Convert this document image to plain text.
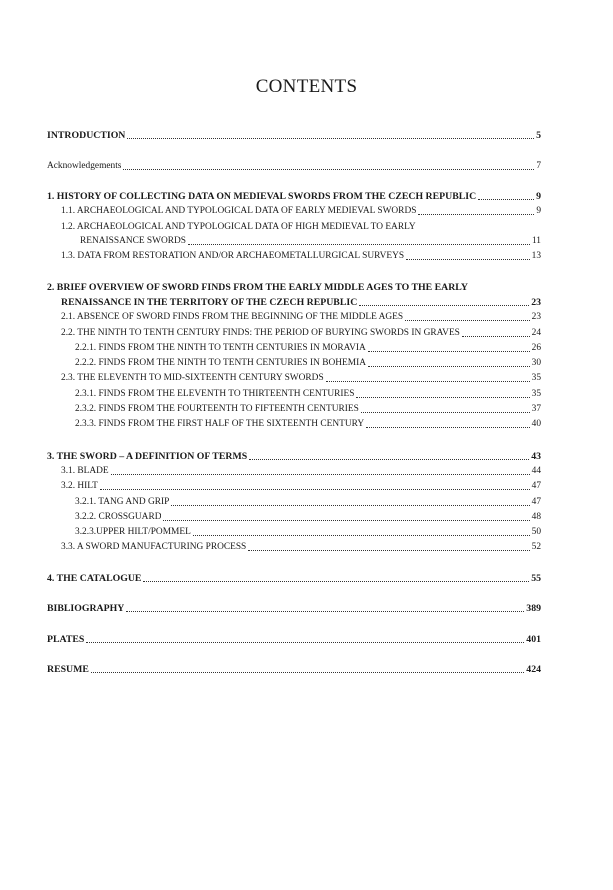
CONTENTS
INTRODUCTION	5
Acknowledgements	7
1. HISTORY OF COLLECTING DATA ON MEDIEVAL SWORDS FROM THE CZECH REPUBLIC	9
1.1. ARCHAEOLOGICAL AND TYPOLOGICAL DATA OF EARLY MEDIEVAL SWORDS	9
1.2. ARCHAEOLOGICAL AND TYPOLOGICAL DATA OF HIGH MEDIEVAL TO EARLY
RENAISSANCE SWORDS	11
1.3. DATA FROM RESTORATION AND/OR ARCHAEOMETALLURGICAL SURVEYS	13
2. BRIEF OVERVIEW OF SWORD FINDS FROM THE EARLY MIDDLE AGES TO THE EARLY
RENAISSANCE IN THE TERRITORY OF THE CZECH REPUBLIC	23
2.1. ABSENCE OF SWORD FINDS FROM THE BEGINNING OF THE MIDDLE AGES	23
2.2. THE NINTH TO TENTH CENTURY FINDS: THE PERIOD OF BURYING SWORDS IN GRAVES	24
2.2.1. FINDS FROM THE NINTH TO TENTH CENTURIES IN MORAVIA	26
2.2.2. FINDS FROM THE NINTH TO TENTH CENTURIES IN BOHEMIA	30
2.3. THE ELEVENTH TO MID-SIXTEENTH CENTURY SWORDS	35
2.3.1. FINDS FROM THE ELEVENTH TO THIRTEENTH CENTURIES	35
2.3.2. FINDS FROM THE FOURTEENTH TO FIFTEENTH CENTURIES	37
2.3.3. FINDS FROM THE FIRST HALF OF THE SIXTEENTH CENTURY	40
3. THE SWORD – A DEFINITION OF TERMS	43
3.1. BLADE	44
3.2. HILT	47
3.2.1. TANG AND GRIP	47
3.2.2. CROSSGUARD	48
3.2.3.UPPER HILT/POMMEL	50
3.3. A SWORD MANUFACTURING PROCESS	52
4. THE CATALOGUE	55
BIBLIOGRAPHY	389
PLATES	401
RESUME	424
